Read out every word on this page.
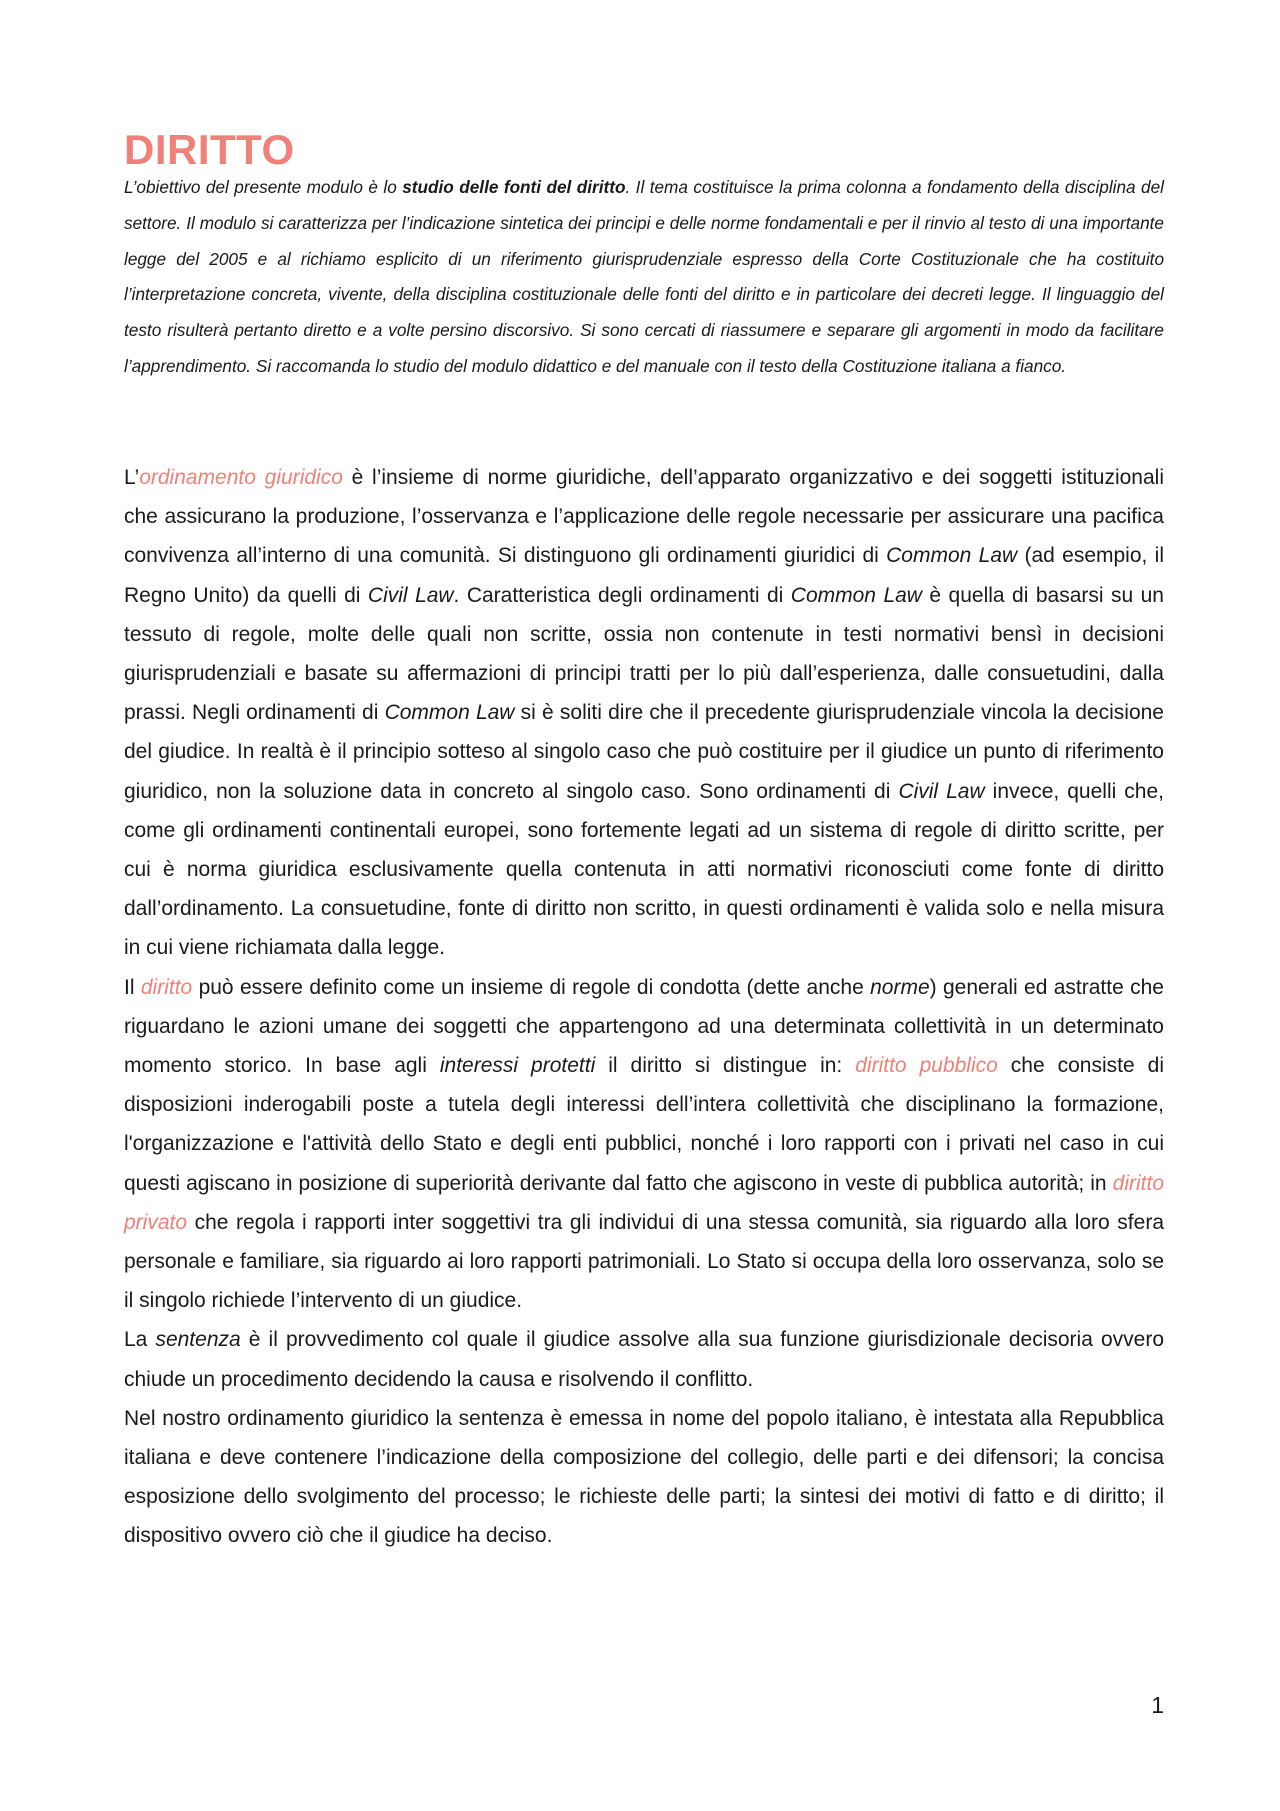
DIRITTO

L’obiettivo del presente modulo è lo studio delle fonti del diritto. Il tema costituisce la prima colonna a fondamento della disciplina del settore. Il modulo si caratterizza per l’indicazione sintetica dei principi e delle norme fondamentali e per il rinvio al testo di una importante legge del 2005 e al richiamo esplicito di un riferimento giurisprudenziale espresso della Corte Costituzionale che ha costituito l’interpretazione concreta, vivente, della disciplina costituzionale delle fonti del diritto e in particolare dei decreti legge. Il linguaggio del testo risulterà pertanto diretto e a volte persino discorsivo. Si sono cercati di riassumere e separare gli argomenti in modo da facilitare l’apprendimento. Si raccomanda lo studio del modulo didattico e del manuale con il testo della Costituzione italiana a fianco.

L’ordinamento giuridico è l’insieme di norme giuridiche, dell’apparato organizzativo e dei soggetti istituzionali che assicurano la produzione, l’osservanza e l’applicazione delle regole necessarie per assicurare una pacifica convivenza all’interno di una comunità. Si distinguono gli ordinamenti giuridici di Common Law (ad esempio, il Regno Unito) da quelli di Civil Law. Caratteristica degli ordinamenti di Common Law è quella di basarsi su un tessuto di regole, molte delle quali non scritte, ossia non contenute in testi normativi bensì in decisioni giurisprudenziali e basate su affermazioni di principi tratti per lo più dall’esperienza, dalle consuetudini, dalla prassi. Negli ordinamenti di Common Law si è soliti dire che il precedente giurisprudenziale vincola la decisione del giudice. In realtà è il principio sotteso al singolo caso che può costituire per il giudice un punto di riferimento giuridico, non la soluzione data in concreto al singolo caso. Sono ordinamenti di Civil Law invece, quelli che, come gli ordinamenti continentali europei, sono fortemente legati ad un sistema di regole di diritto scritte, per cui è norma giuridica esclusivamente quella contenuta in atti normativi riconosciuti come fonte di diritto dall’ordinamento. La consuetudine, fonte di diritto non scritto, in questi ordinamenti è valida solo e nella misura in cui viene richiamata dalla legge.

Il diritto può essere definito come un insieme di regole di condotta (dette anche norme) generali ed astratte che riguardano le azioni umane dei soggetti che appartengono ad una determinata collettività in un determinato momento storico. In base agli interessi protetti il diritto si distingue in: diritto pubblico che consiste di disposizioni inderogabili poste a tutela degli interessi dell’intera collettività che disciplinano la formazione, l'organizzazione e l'attività dello Stato e degli enti pubblici, nonché i loro rapporti con i privati nel caso in cui questi agiscano in posizione di superiorità derivante dal fatto che agiscono in veste di pubblica autorità; in diritto privato che regola i rapporti inter soggettivi tra gli individui di una stessa comunità, sia riguardo alla loro sfera personale e familiare, sia riguardo ai loro rapporti patrimoniali. Lo Stato si occupa della loro osservanza, solo se il singolo richiede l’intervento di un giudice.

La sentenza è il provvedimento col quale il giudice assolve alla sua funzione giurisdizionale decisoria ovvero chiude un procedimento decidendo la causa e risolvendo il conflitto.

Nel nostro ordinamento giuridico la sentenza è emessa in nome del popolo italiano, è intestata alla Repubblica italiana e deve contenere l’indicazione della composizione del collegio, delle parti e dei difensori; la concisa esposizione dello svolgimento del processo; le richieste delle parti; la sintesi dei motivi di fatto e di diritto; il dispositivo ovvero ciò che il giudice ha deciso.

1
